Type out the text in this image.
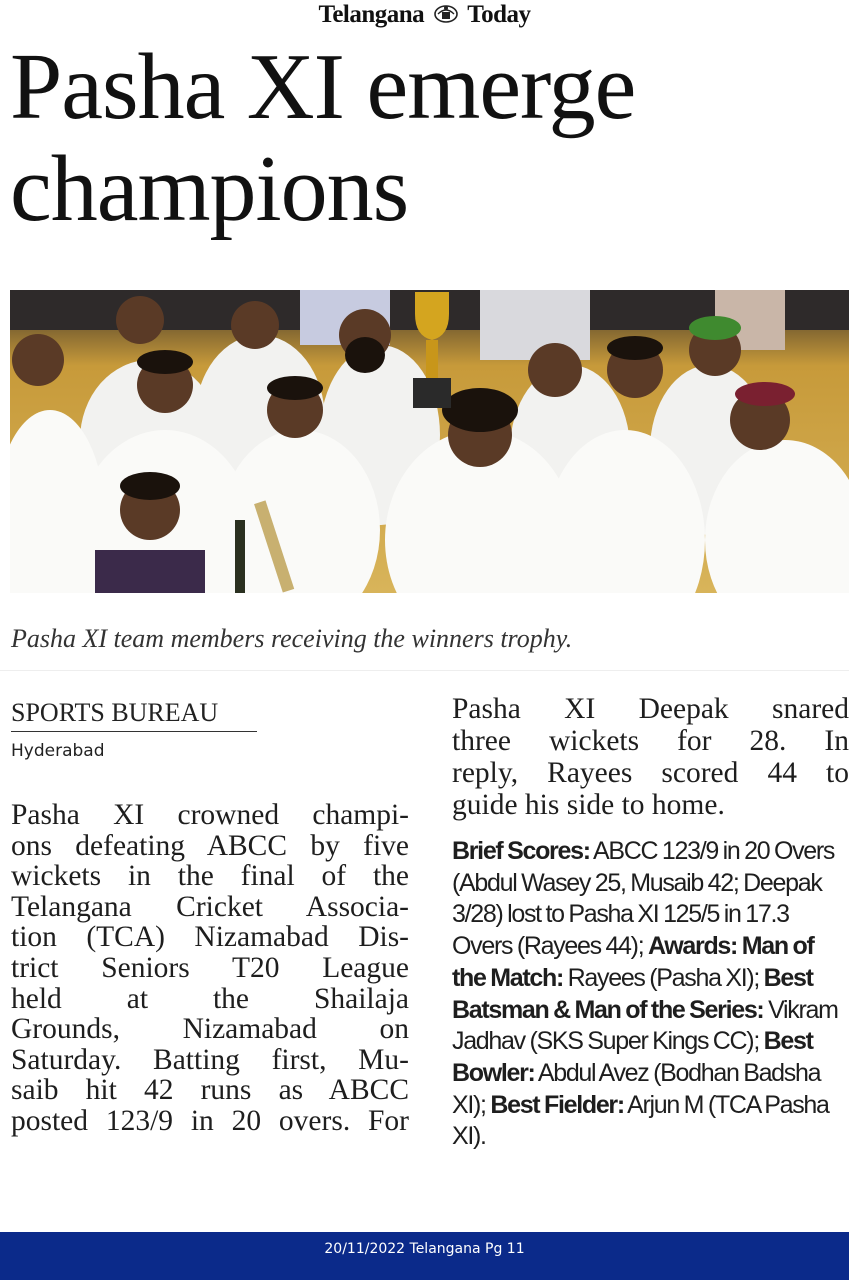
Telangana Today
Pasha XI emerge
champions
Pasha XI team members receiving the winners trophy.
SPORTS BUREAU
Hyderabad
Pasha XI crowned champi-
ons defeating ABCC by five
wickets in the final of the
Telangana Cricket Associa-
tion (TCA) Nizamabad Dis-
trict Seniors T20 League
held at the Shailaja
Grounds, Nizamabad on
Saturday. Batting first, Mu-
saib hit 42 runs as ABCC
posted 123/9 in 20 overs. For
Pasha XI Deepak snared
three wickets for 28. In
reply, Rayees scored 44 to
guide his side to home.
Brief Scores: ABCC 123/9 in 20 Overs (Abdul Wasey 25, Musaib 42; Deepak 3/28) lost to Pasha XI 125/5 in 17.3 Overs (Rayees 44); Awards: Man of the Match: Rayees (Pasha XI); Best Batsman & Man of the Series: Vikram Jadhav (SKS Super Kings CC); Best Bowler: Abdul Avez (Bodhan Badsha XI); Best Fielder: Arjun M (TCA Pasha XI).
20/11/2022 Telangana Pg 11
